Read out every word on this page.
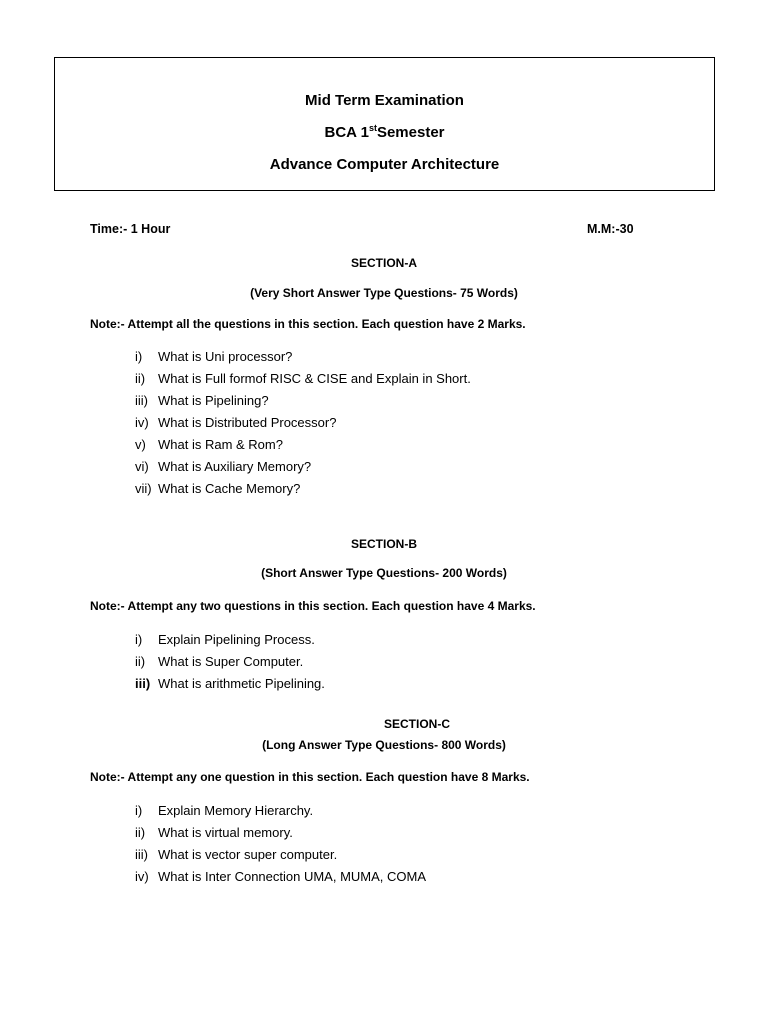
Mid Term Examination
BCA 1stSemester
Advance Computer Architecture
Time:- 1 Hour	M.M:-30
SECTION-A
(Very Short Answer Type Questions- 75 Words)
Note:- Attempt all the questions in this section. Each question have 2 Marks.
i) What is Uni processor?
ii) What is Full formof RISC & CISE and Explain in Short.
iii) What is Pipelining?
iv) What is Distributed Processor?
v) What is Ram & Rom?
vi) What is Auxiliary Memory?
vii) What is Cache Memory?
SECTION-B
(Short Answer Type Questions- 200 Words)
Note:- Attempt any two questions in this section. Each question have 4 Marks.
i) Explain Pipelining Process.
ii) What is Super Computer.
iii) What is arithmetic Pipelining.
SECTION-C
(Long Answer Type Questions- 800 Words)
Note:- Attempt any one question in this section. Each question have 8 Marks.
i) Explain Memory Hierarchy.
ii) What is virtual memory.
iii) What is vector super computer.
iv) What is Inter Connection UMA, MUMA, COMA
